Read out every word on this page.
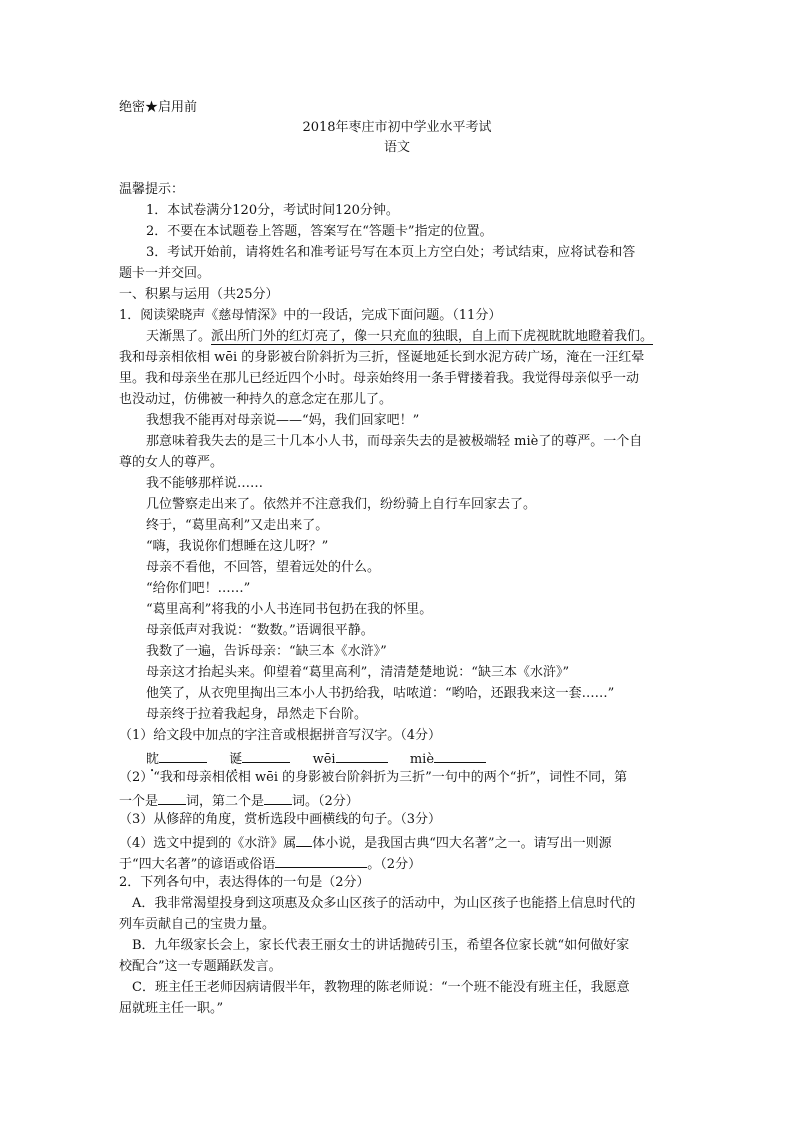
绝密★启用前
2018年枣庄市初中学业水平考试
语文
温馨提示：
1．本试卷满分120分，考试时间120分钟。
2．不要在本试题卷上答题，答案写在“答题卡”指定的位置。
3．考试开始前，请将姓名和准考证号写在本页上方空白处；考试结束，应将试卷和答
题卡一并交回。
一、积累与运用（共25分）
1．阅读梁晓声《慈母情深》中的一段话，完成下面问题。（11分）
天渐黑了。派出所门外的红灯亮了，像一只充血的独眼，自上而下虎视眈眈地瞪着我们。
我和母亲相依相 wēi 的身影被台阶斜折为三折，怪诞地延长到水泥方砖广场，淹在一汪红晕
里。我和母亲坐在那儿已经近四个小时。母亲始终用一条手臂搂着我。我觉得母亲似乎一动
也没动过，仿佛被一种持久的意念定在那儿了。
我想我不能再对母亲说——“妈，我们回家吧！”
那意味着我失去的是三十几本小人书，而母亲失去的是被极端轻 miè了的尊严。一个自
尊的女人的尊严。
我不能够那样说……
几位警察走出来了。依然并不注意我们，纷纷骑上自行车回家去了。
终于，“葛里高利”又走出来了。
“嗨，我说你们想睡在这儿呀？”
母亲不看他，不回答，望着远处的什么。
“给你们吧！……”
“葛里高利”将我的小人书连同书包扔在我的怀里。
母亲低声对我说：“数数。”语调很平静。
我数了一遍，告诉母亲：“缺三本《水浒》”
母亲这才抬起头来。仰望着“葛里高利”，清清楚楚地说：“缺三本《水浒》”
他笑了，从衣兜里掏出三本小人书扔给我，咕哝道：“哟哈，还跟我来这一套……”
母亲终于拉着我起身，昂然走下台阶。
（1）给文段中加点的字注音或根据拼音写汉字。（4分）
眈	诞	wēi	miè
（2）“我和母亲相依相 wēi 的身影被台阶斜折为三折”一句中的两个“折”，词性不同，第
一个是 词，第二个是 词。（2分）
（3）从修辞的角度，赏析选段中画横线的句子。（3分）
（4）选文中提到的《水浒》属 体小说，是我国古典“四大名著”之一。请写出一则源
于“四大名著”的谚语或俗语	。（2分）
2．下列各句中，表达得体的一句是（2分）
A．我非常渴望投身到这项惠及众多山区孩子的活动中，为山区孩子也能搭上信息时代的
列车贡献自己的宝贵力量。
B．九年级家长会上，家长代表王丽女士的讲话抛砖引玉，希望各位家长就“如何做好家
校配合”这一专题踊跃发言。
C．班主任王老师因病请假半年，教物理的陈老师说：“一个班不能没有班主任，我愿意
屈就班主任一职。”
